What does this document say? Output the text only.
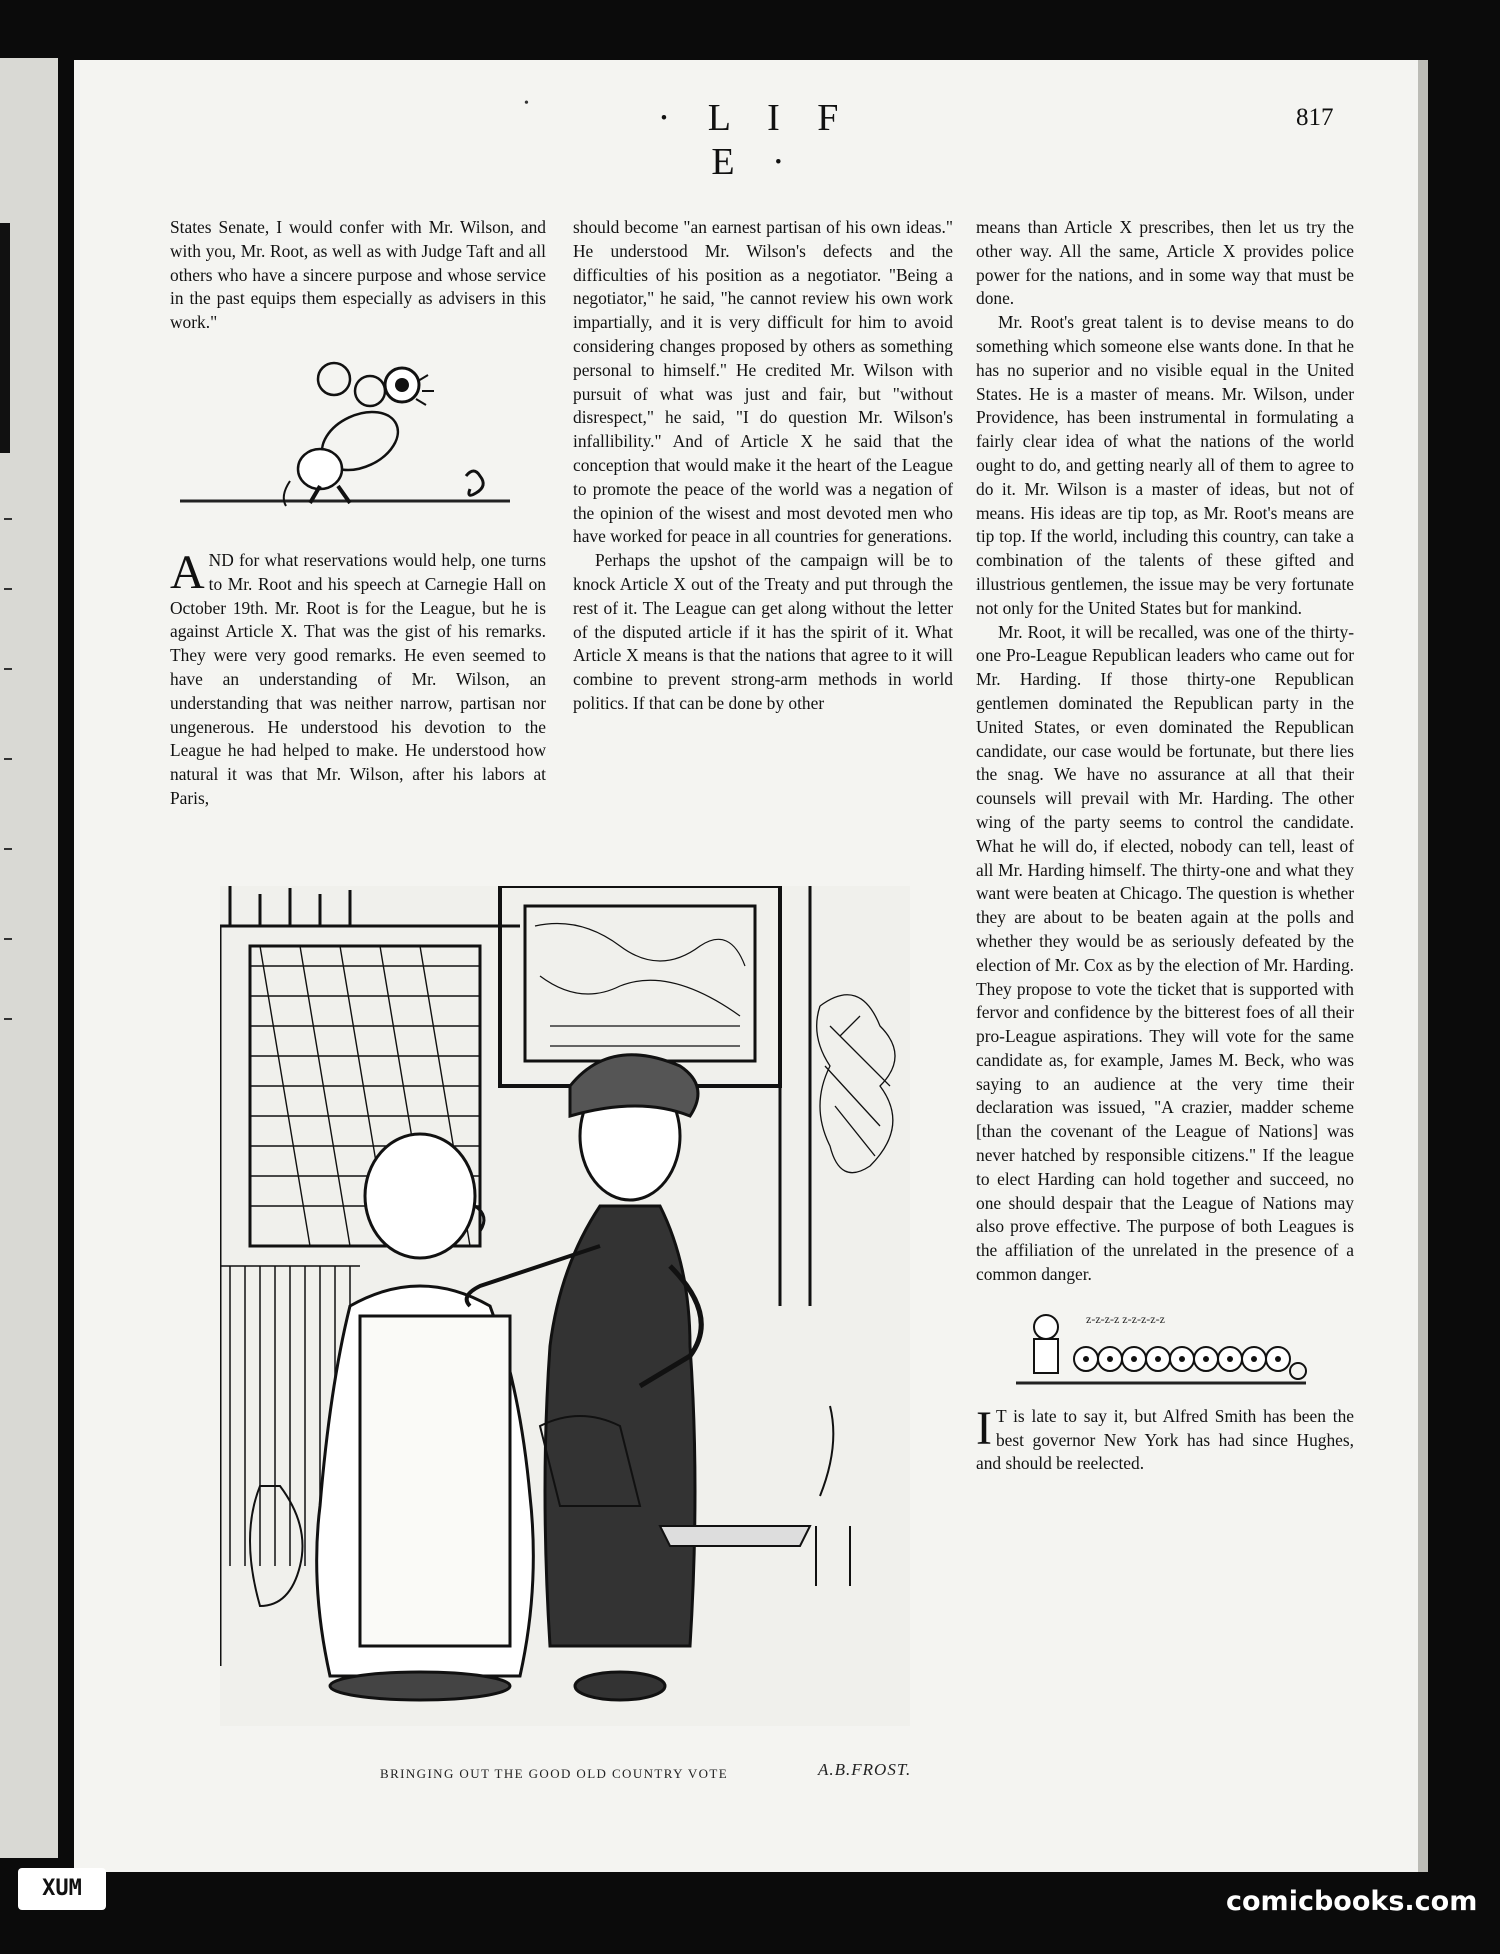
•	· L I F E ·
817

States Senate, I would confer with Mr. Wilson, and with you, Mr. Root, as well as with Judge Taft and all others who have a sincere purpose and whose service in the past equips them especially as advisers in this work."

AND for what reservations would help, one turns to Mr. Root and his speech at Carnegie Hall on October 19th. Mr. Root is for the League, but he is against Article X. That was the gist of his remarks. They were very good remarks. He even seemed to have an understanding of Mr. Wilson, an understanding that was neither narrow, partisan nor ungenerous. He understood his devotion to the League he had helped to make. He understood how natural it was that Mr. Wilson, after his labors at Paris,

should become "an earnest partisan of his own ideas." He understood Mr. Wilson's defects and the difficulties of his position as a negotiator. "Being a negotiator," he said, "he cannot review his own work impartially, and it is very difficult for him to avoid considering changes proposed by others as something personal to himself." He credited Mr. Wilson with pursuit of what was just and fair, but "without disrespect," he said, "I do question Mr. Wilson's infallibility." And of Article X he said that the conception that would make it the heart of the League to promote the peace of the world was a negation of the opinion of the wisest and most devoted men who have worked for peace in all countries for generations.

Perhaps the upshot of the campaign will be to knock Article X out of the Treaty and put through the rest of it. The League can get along without the letter of the disputed article if it has the spirit of it. What Article X means is that the nations that agree to it will combine to prevent strong-arm methods in world politics. If that can be done by other

means than Article X prescribes, then let us try the other way. All the same, Article X provides police power for the nations, and in some way that must be done.

Mr. Root's great talent is to devise means to do something which someone else wants done. In that he has no superior and no visible equal in the United States. He is a master of means. Mr. Wilson, under Providence, has been instrumental in formulating a fairly clear idea of what the nations of the world ought to do, and getting nearly all of them to agree to do it. Mr. Wilson is a master of ideas, but not of means. His ideas are tip top, as Mr. Root's means are tip top. If the world, including this country, can take a combination of the talents of these gifted and illustrious gentlemen, the issue may be very fortunate not only for the United States but for mankind.

Mr. Root, it will be recalled, was one of the thirty-one Pro-League Republican leaders who came out for Mr. Harding. If those thirty-one Republican gentlemen dominated the Republican party in the United States, or even dominated the Republican candidate, our case would be fortunate, but there lies the snag. We have no assurance at all that their counsels will prevail with Mr. Harding. The other wing of the party seems to control the candidate. What he will do, if elected, nobody can tell, least of all Mr. Harding himself. The thirty-one and what they want were beaten at Chicago. The question is whether they are about to be beaten again at the polls and whether they would be as seriously defeated by the election of Mr. Cox as by the election of Mr. Harding. They propose to vote the ticket that is supported with fervor and confidence by the bitterest foes of all their pro-League aspirations. They will vote for the same candidate as, for example, James M. Beck, who was saying to an audience at the very time their declaration was issued, "A crazier, madder scheme [than the covenant of the League of Nations] was never hatched by responsible citizens." If the league to elect Harding can hold together and succeed, no one should despair that the League of Nations may also prove effective. The purpose of both Leagues is the affiliation of the unrelated in the presence of a common danger.

z-z-z-z z-z-z-z-z

I T is late to say it, but Alfred Smith has been the best governor New York has had since Hughes, and should be reelected.

BRINGING OUT THE GOOD OLD COUNTRY VOTE	A.B.FROST.
XUM	comicbooks.com
